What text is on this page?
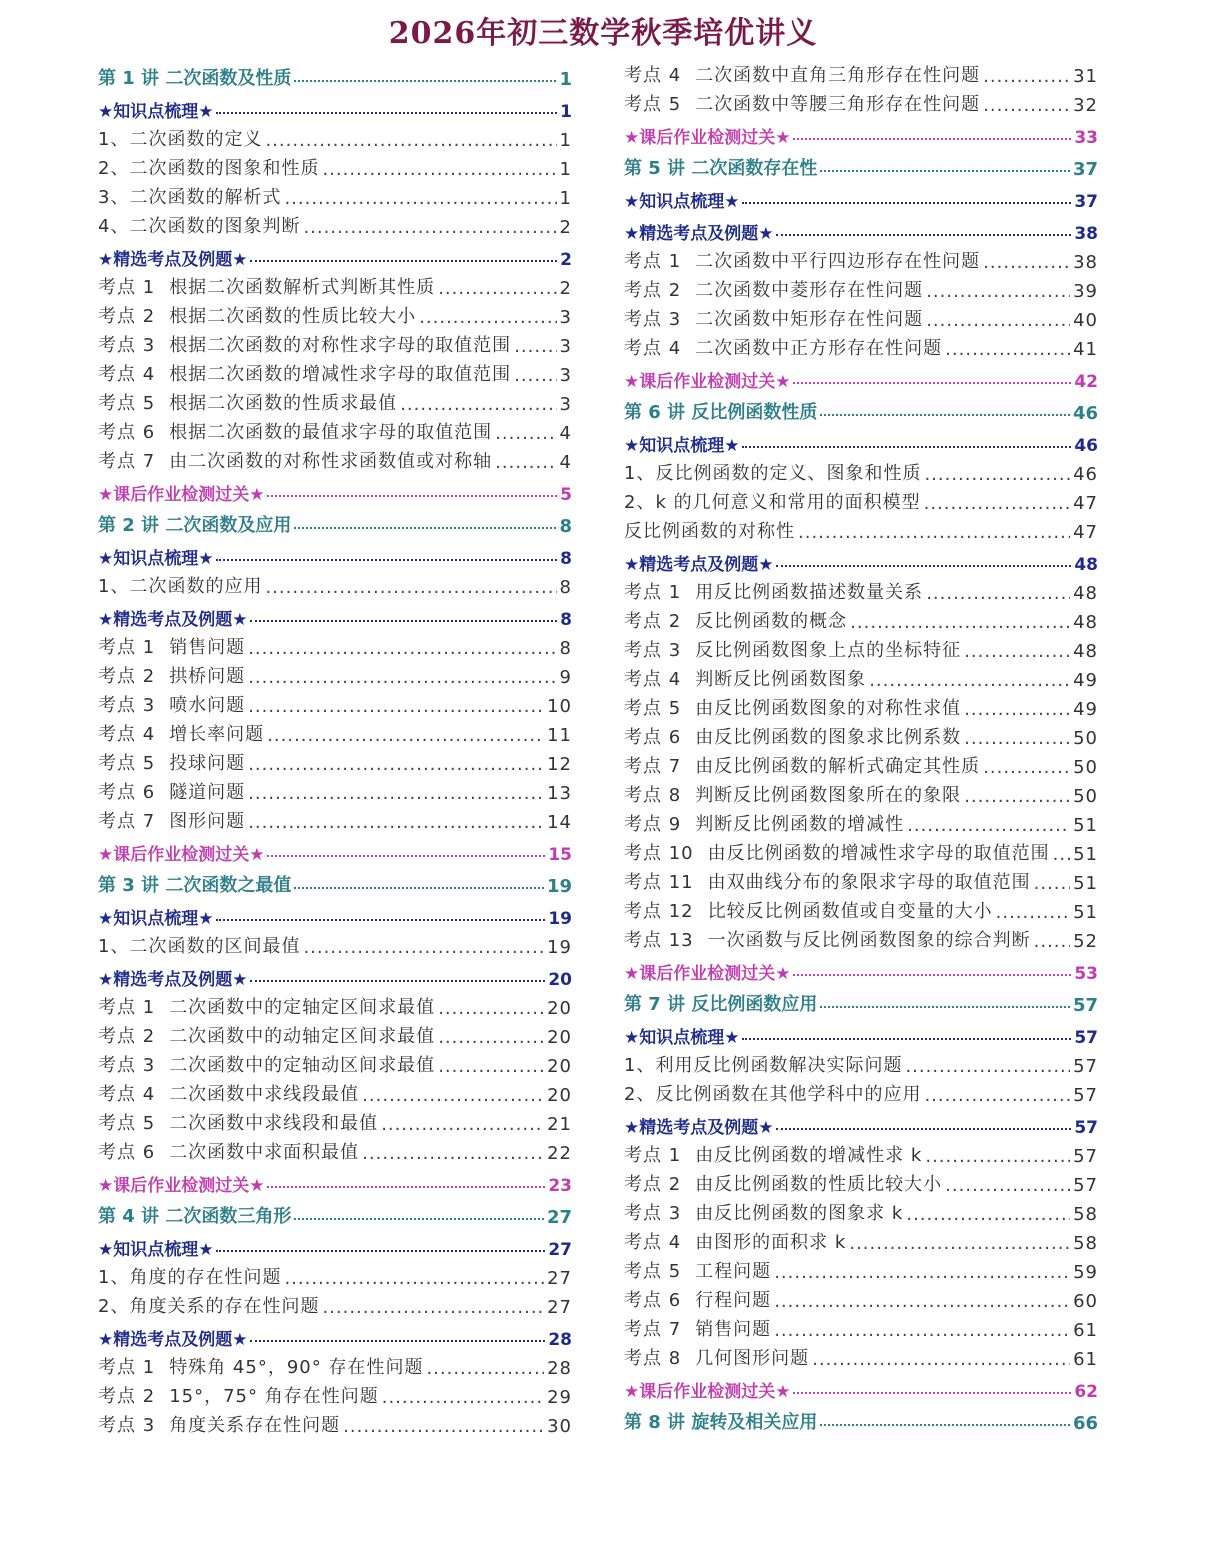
2026年初三数学秋季培优讲义
第 1 讲 二次函数及性质	1
★知识点梳理★	1
1、二次函数的定义 .....	1
2、二次函数的图象和性质 .....	1
3、二次函数的解析式 .....	1
4、二次函数的图象判断 .....	2
★精选考点及例题★	2
考点 1 根据二次函数解析式判断其性质 .....	2
考点 2 根据二次函数的性质比较大小 .....	3
考点 3 根据二次函数的对称性求字母的取值范围 .....	3
考点 4 根据二次函数的增减性求字母的取值范围 .....	3
考点 5 根据二次函数的性质求最值 .....	3
考点 6 根据二次函数的最值求字母的取值范围 .....	4
考点 7 由二次函数的对称性求函数值或对称轴 .....	4
★课后作业检测过关★	5
第 2 讲 二次函数及应用	8
★知识点梳理★	8
1、二次函数的应用 .....	8
★精选考点及例题★	8
考点 1 销售问题 .....	8
考点 2 拱桥问题 .....	9
考点 3 喷水问题 .....	10
考点 4 增长率问题 .....	11
考点 5 投球问题 .....	12
考点 6 隧道问题 .....	13
考点 7 图形问题 .....	14
★课后作业检测过关★	15
第 3 讲 二次函数之最值	19
★知识点梳理★	19
1、二次函数的区间最值 .....	19
★精选考点及例题★	20
考点 1 二次函数中的定轴定区间求最值 .....	20
考点 2 二次函数中的动轴定区间求最值 .....	20
考点 3 二次函数中的定轴动区间求最值 .....	20
考点 4 二次函数中求线段最值 .....	20
考点 5 二次函数中求线段和最值 .....	21
考点 6 二次函数中求面积最值 .....	22
★课后作业检测过关★	23
第 4 讲 二次函数三角形	27
★知识点梳理★	27
1、角度的存在性问题 .....	27
2、角度关系的存在性问题 .....	27
★精选考点及例题★	28
考点 1 特殊角 45°，90° 存在性问题 .....	28
考点 2 15°，75° 角存在性问题 .....	29
考点 3 角度关系存在性问题 .....	30
考点 4 二次函数中直角三角形存在性问题 .....	31
考点 5 二次函数中等腰三角形存在性问题 .....	32
★课后作业检测过关★	33
第 5 讲 二次函数存在性	37
★知识点梳理★	37
★精选考点及例题★	38
考点 1 二次函数中平行四边形存在性问题 .....	38
考点 2 二次函数中菱形存在性问题 .....	39
考点 3 二次函数中矩形存在性问题 .....	40
考点 4 二次函数中正方形存在性问题 .....	41
★课后作业检测过关★	42
第 6 讲 反比例函数性质	46
★知识点梳理★	46
1、反比例函数的定义、图象和性质 .....	46
2、k 的几何意义和常用的面积模型 .....	47
反比例函数的对称性 .....	47
★精选考点及例题★	48
考点 1 用反比例函数描述数量关系 .....	48
考点 2 反比例函数的概念 .....	48
考点 3 反比例函数图象上点的坐标特征 .....	48
考点 4 判断反比例函数图象 .....	49
考点 5 由反比例函数图象的对称性求值 .....	49
考点 6 由反比例函数的图象求比例系数 .....	50
考点 7 由反比例函数的解析式确定其性质 .....	50
考点 8 判断反比例函数图象所在的象限 .....	50
考点 9 判断反比例函数的增减性 .....	51
考点 10 由反比例函数的增减性求字母的取值范围 ..... 51
考点 11 由双曲线分布的象限求字母的取值范围 ..... 51
考点 12 比较反比例函数值或自变量的大小 .....	51
考点 13 一次函数与反比例函数图象的综合判断 ..... 52
★课后作业检测过关★	53
第 7 讲 反比例函数应用	57
★知识点梳理★	57
1、利用反比例函数解决实际问题 .....	57
2、反比例函数在其他学科中的应用 .....	57
★精选考点及例题★	57
考点 1 由反比例函数的增减性求 k .....	57
考点 2 由反比例函数的性质比较大小 .....	57
考点 3 由反比例函数的图象求 k .....	58
考点 4 由图形的面积求 k .....	58
考点 5 工程问题 .....	59
考点 6 行程问题 .....	60
考点 7 销售问题 .....	61
考点 8 几何图形问题 .....	61
★课后作业检测过关★	62
第 8 讲 旋转及相关应用	66
